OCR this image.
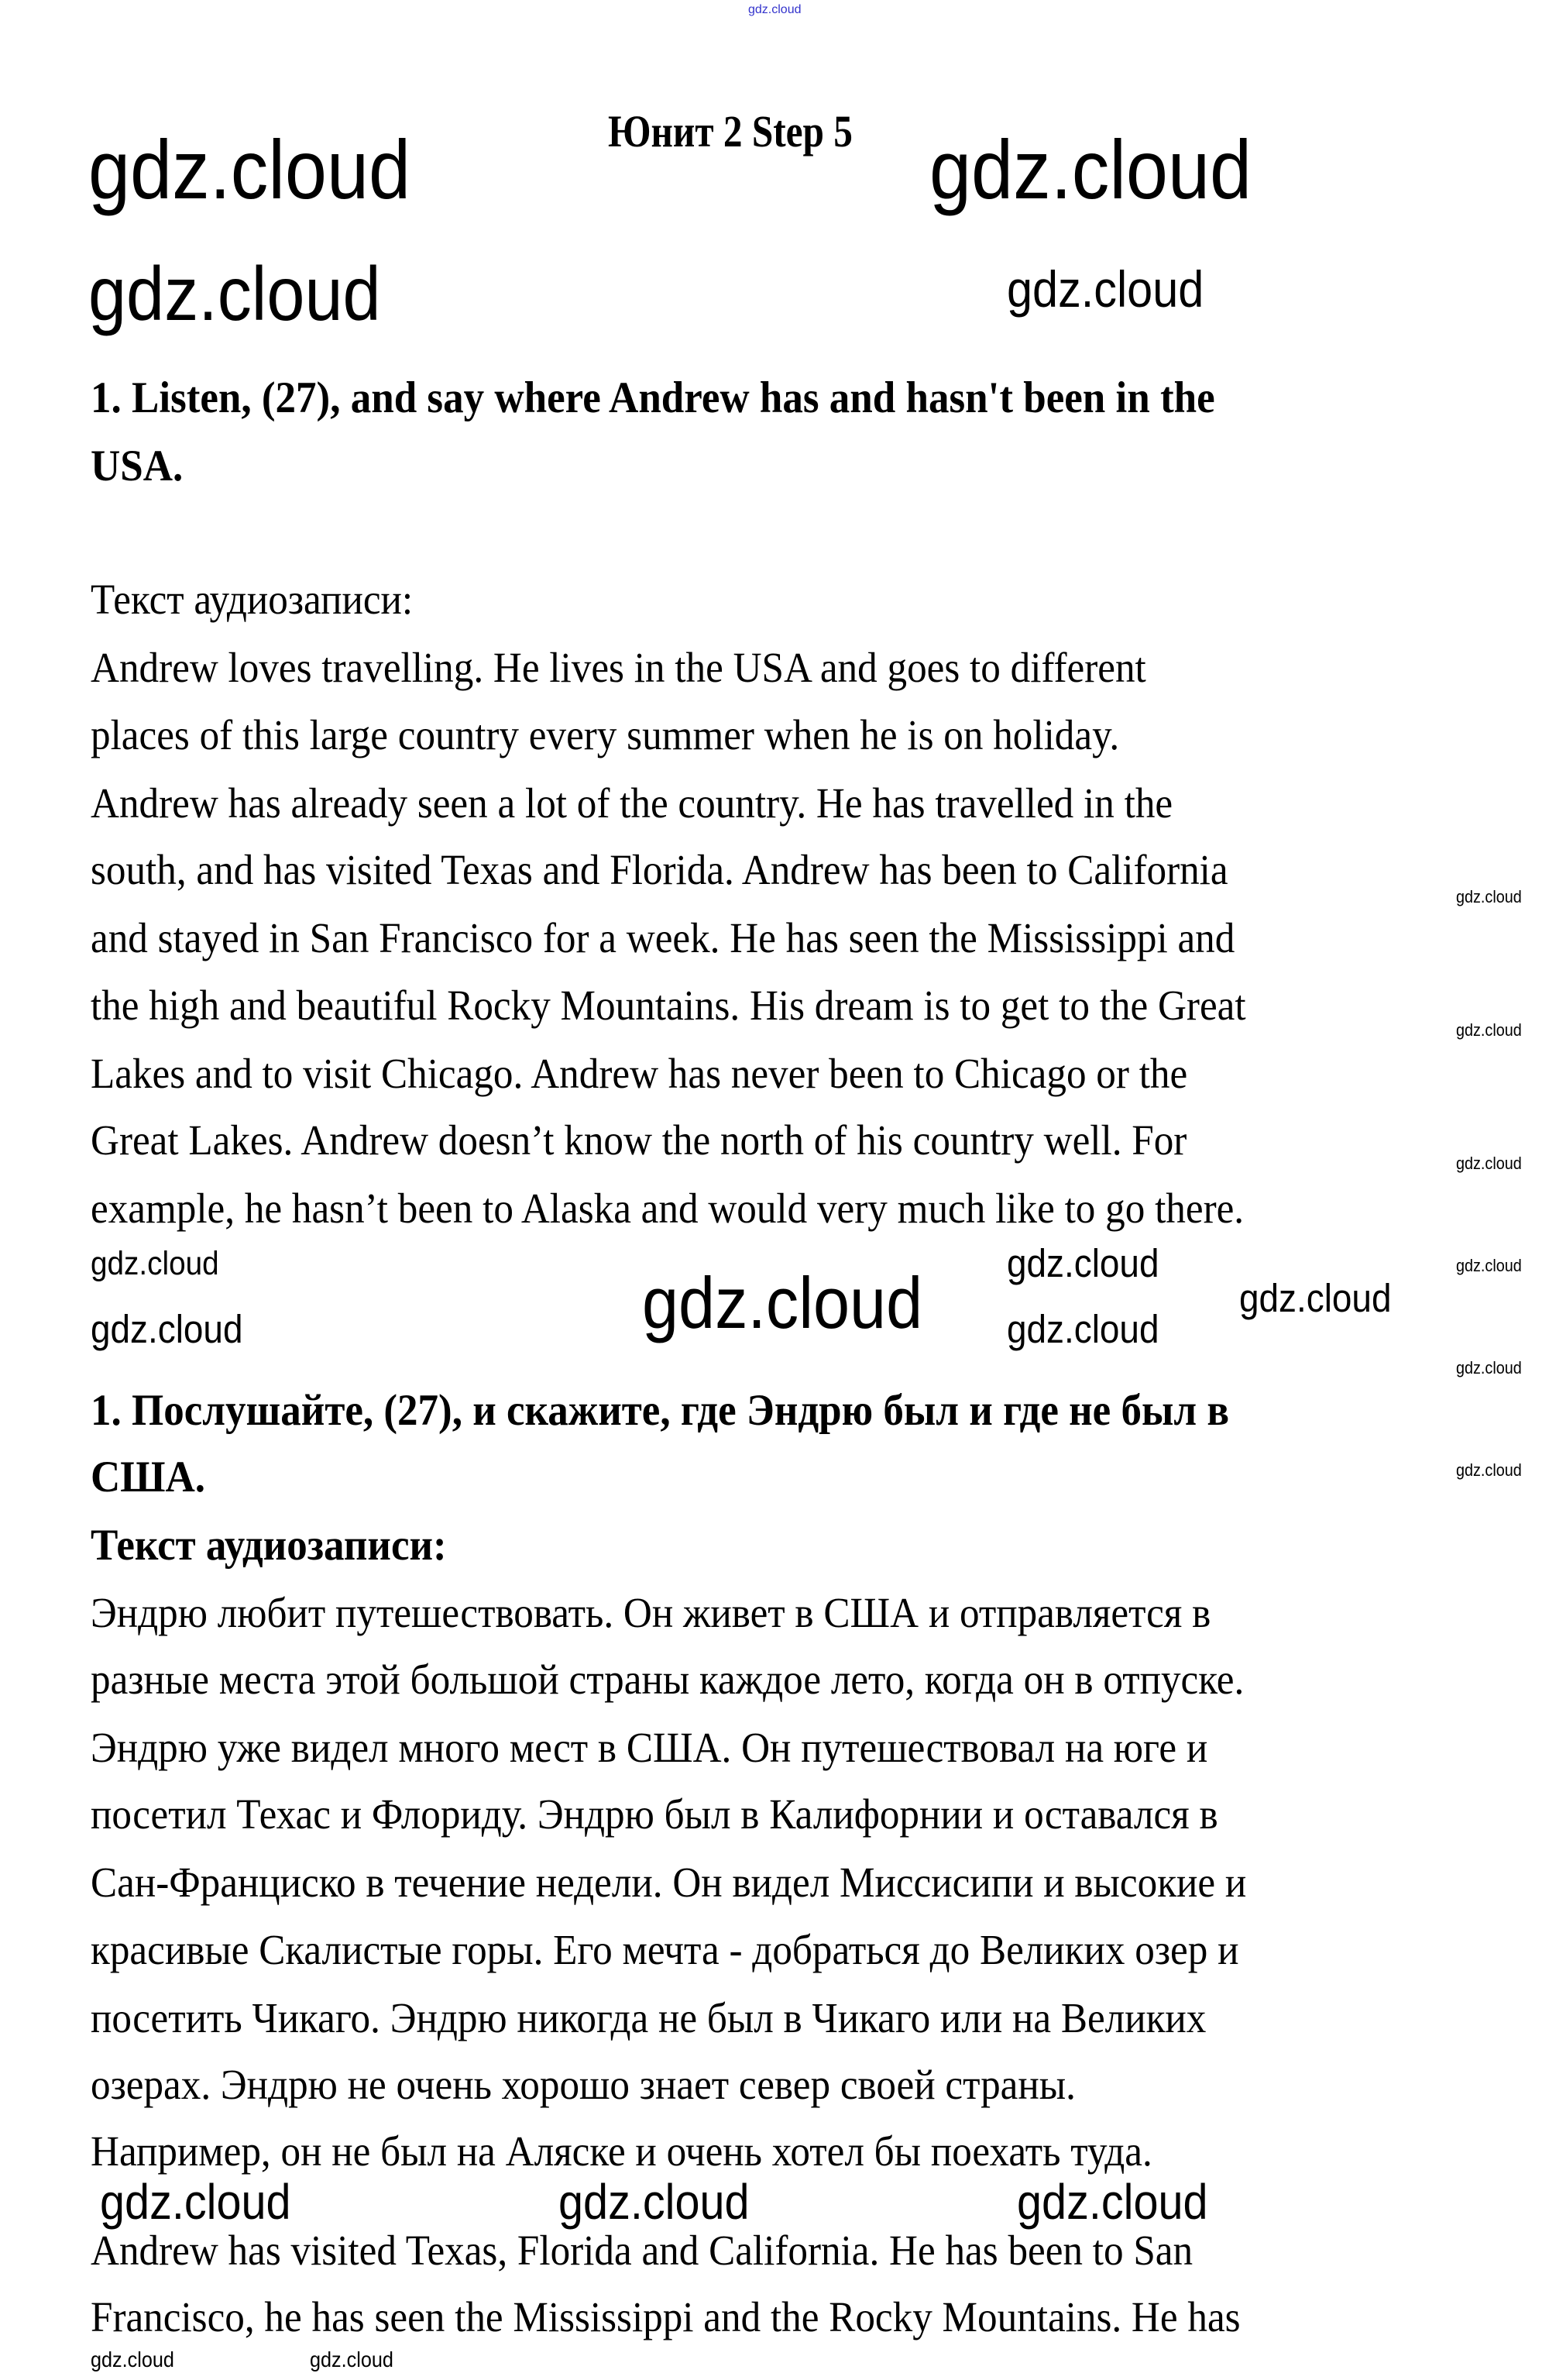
gdz.cloud
Юнит 2 Step 5
1. Listen, (27), and say where Andrew has and hasn't been in the
USA.
Текст аудиозаписи:
Andrew loves travelling. He lives in the USA and goes to different
places of this large country every summer when he is on holiday.
Andrew has already seen a lot of the country. He has travelled in the
south, and has visited Texas and Florida. Andrew has been to California
and stayed in San Francisco for a week. He has seen the Mississippi and
the high and beautiful Rocky Mountains. His dream is to get to the Great
Lakes and to visit Chicago. Andrew has never been to Chicago or the
Great Lakes. Andrew doesn’t know the north of his country well. For
example, he hasn’t been to Alaska and would very much like to go there.
1. Послушайте, (27), и скажите, где Эндрю был и где не был в
США.
Текст аудиозаписи:
Эндрю любит путешествовать. Он живет в США и отправляется в
разные места этой большой страны каждое лето, когда он в отпуске.
Эндрю уже видел много мест в США. Он путешествовал на юге и
посетил Техас и Флориду. Эндрю был в Калифорнии и оставался в
Сан-Франциско в течение недели. Он видел Миссисипи и высокие и
красивые Скалистые горы. Его мечта - добраться до Великих озер и
посетить Чикаго. Эндрю никогда не был в Чикаго или на Великих
озерах. Эндрю не очень хорошо знает север своей страны.
Например, он не был на Аляске и очень хотел бы поехать туда.
Andrew has visited Texas, Florida and California. He has been to San
Francisco, he has seen the Mississippi and the Rocky Mountains. He has
gdz.cloud	gdz.cloud
gdz.cloud	gdz.cloud
gdz.cloud
gdz.cloud
gdz.cloud
gdz.cloud
gdz.cloud	gdz.cloud
gdz.cloud
gdz.cloud
gdz.cloud
gdz.cloud
gdz.cloud
gdz.cloud
gdz.cloud
gdz.cloud
gdz.cloud	gdz.cloud	gdz.cloud
